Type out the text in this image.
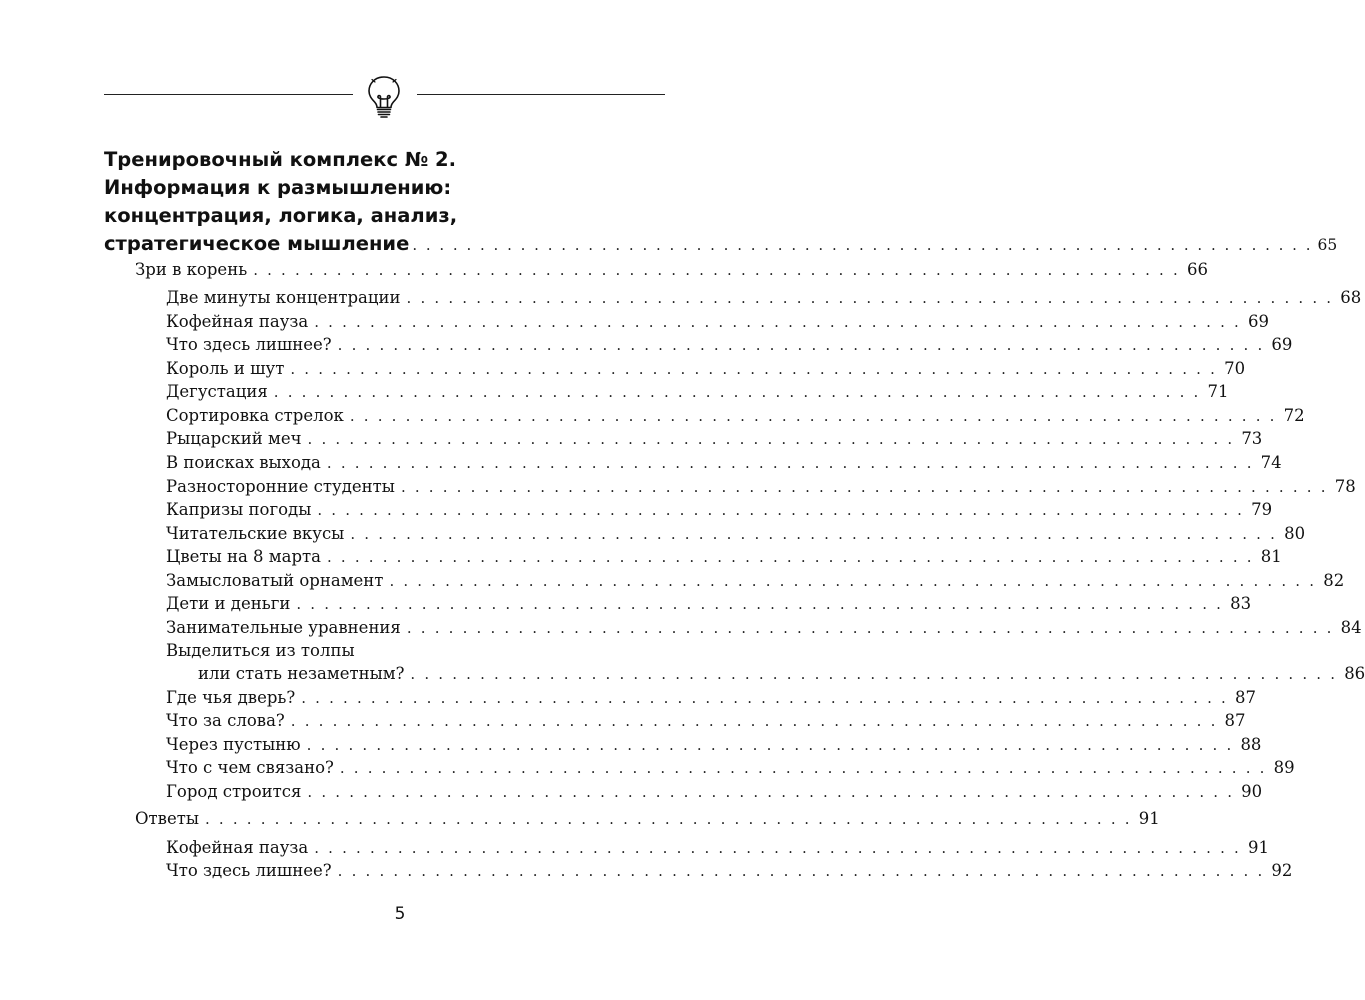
Тренировочный комплекс № 2.
Информация к размышлению:
концентрация, логика, анализ,
стратегическое мышление . . . . . . . . . . . . . . . . . . . . . . . . . . . . . . . . . . . . . . . . . . . . . . . . . . . . . . . . . . . . . . . . . . . 65
Зри в корень . . . . . . . . . . . . . . . . . . . . . . . . . . . . . . . . . . . . . . . . . . . . . . . . . . . . . . . . . . . . . . . . . . . 66
Две минуты концентрации . . . . . . . . . . . . . . . . . . . . . . . . . . . . . . . . . . . . . . . . . . . . . . . . . . . . . . . . . . . . . . . . . . . 68
Кофейная пауза . . . . . . . . . . . . . . . . . . . . . . . . . . . . . . . . . . . . . . . . . . . . . . . . . . . . . . . . . . . . . . . . . . . 69
Что здесь лишнее? . . . . . . . . . . . . . . . . . . . . . . . . . . . . . . . . . . . . . . . . . . . . . . . . . . . . . . . . . . . . . . . . . . . 69
Король и шут . . . . . . . . . . . . . . . . . . . . . . . . . . . . . . . . . . . . . . . . . . . . . . . . . . . . . . . . . . . . . . . . . . . 70
Дегустация . . . . . . . . . . . . . . . . . . . . . . . . . . . . . . . . . . . . . . . . . . . . . . . . . . . . . . . . . . . . . . . . . . . 71
Сортировка стрелок . . . . . . . . . . . . . . . . . . . . . . . . . . . . . . . . . . . . . . . . . . . . . . . . . . . . . . . . . . . . . . . . . . . 72
Рыцарский меч . . . . . . . . . . . . . . . . . . . . . . . . . . . . . . . . . . . . . . . . . . . . . . . . . . . . . . . . . . . . . . . . . . . 73
В поисках выхода . . . . . . . . . . . . . . . . . . . . . . . . . . . . . . . . . . . . . . . . . . . . . . . . . . . . . . . . . . . . . . . . . . . 74
Разносторонние студенты . . . . . . . . . . . . . . . . . . . . . . . . . . . . . . . . . . . . . . . . . . . . . . . . . . . . . . . . . . . . . . . . . . . 78
Капризы погоды . . . . . . . . . . . . . . . . . . . . . . . . . . . . . . . . . . . . . . . . . . . . . . . . . . . . . . . . . . . . . . . . . . . 79
Читательские вкусы . . . . . . . . . . . . . . . . . . . . . . . . . . . . . . . . . . . . . . . . . . . . . . . . . . . . . . . . . . . . . . . . . . . 80
Цветы на 8 марта . . . . . . . . . . . . . . . . . . . . . . . . . . . . . . . . . . . . . . . . . . . . . . . . . . . . . . . . . . . . . . . . . . . 81
Замысловатый орнамент . . . . . . . . . . . . . . . . . . . . . . . . . . . . . . . . . . . . . . . . . . . . . . . . . . . . . . . . . . . . . . . . . . . 82
Дети и деньги . . . . . . . . . . . . . . . . . . . . . . . . . . . . . . . . . . . . . . . . . . . . . . . . . . . . . . . . . . . . . . . . . . . 83
Занимательные уравнения . . . . . . . . . . . . . . . . . . . . . . . . . . . . . . . . . . . . . . . . . . . . . . . . . . . . . . . . . . . . . . . . . . . 84
Выделиться из толпы
или стать незаметным? . . . . . . . . . . . . . . . . . . . . . . . . . . . . . . . . . . . . . . . . . . . . . . . . . . . . . . . . . . . . . . . . . . . 86
Где чья дверь? . . . . . . . . . . . . . . . . . . . . . . . . . . . . . . . . . . . . . . . . . . . . . . . . . . . . . . . . . . . . . . . . . . . 87
Что за слова? . . . . . . . . . . . . . . . . . . . . . . . . . . . . . . . . . . . . . . . . . . . . . . . . . . . . . . . . . . . . . . . . . . . 87
Через пустыню . . . . . . . . . . . . . . . . . . . . . . . . . . . . . . . . . . . . . . . . . . . . . . . . . . . . . . . . . . . . . . . . . . . 88
Что с чем связано? . . . . . . . . . . . . . . . . . . . . . . . . . . . . . . . . . . . . . . . . . . . . . . . . . . . . . . . . . . . . . . . . . . . 89
Город строится . . . . . . . . . . . . . . . . . . . . . . . . . . . . . . . . . . . . . . . . . . . . . . . . . . . . . . . . . . . . . . . . . . . 90
Ответы . . . . . . . . . . . . . . . . . . . . . . . . . . . . . . . . . . . . . . . . . . . . . . . . . . . . . . . . . . . . . . . . . . . 91
Кофейная пауза . . . . . . . . . . . . . . . . . . . . . . . . . . . . . . . . . . . . . . . . . . . . . . . . . . . . . . . . . . . . . . . . . . . 91
Что здесь лишнее? . . . . . . . . . . . . . . . . . . . . . . . . . . . . . . . . . . . . . . . . . . . . . . . . . . . . . . . . . . . . . . . . . . . 92
5
